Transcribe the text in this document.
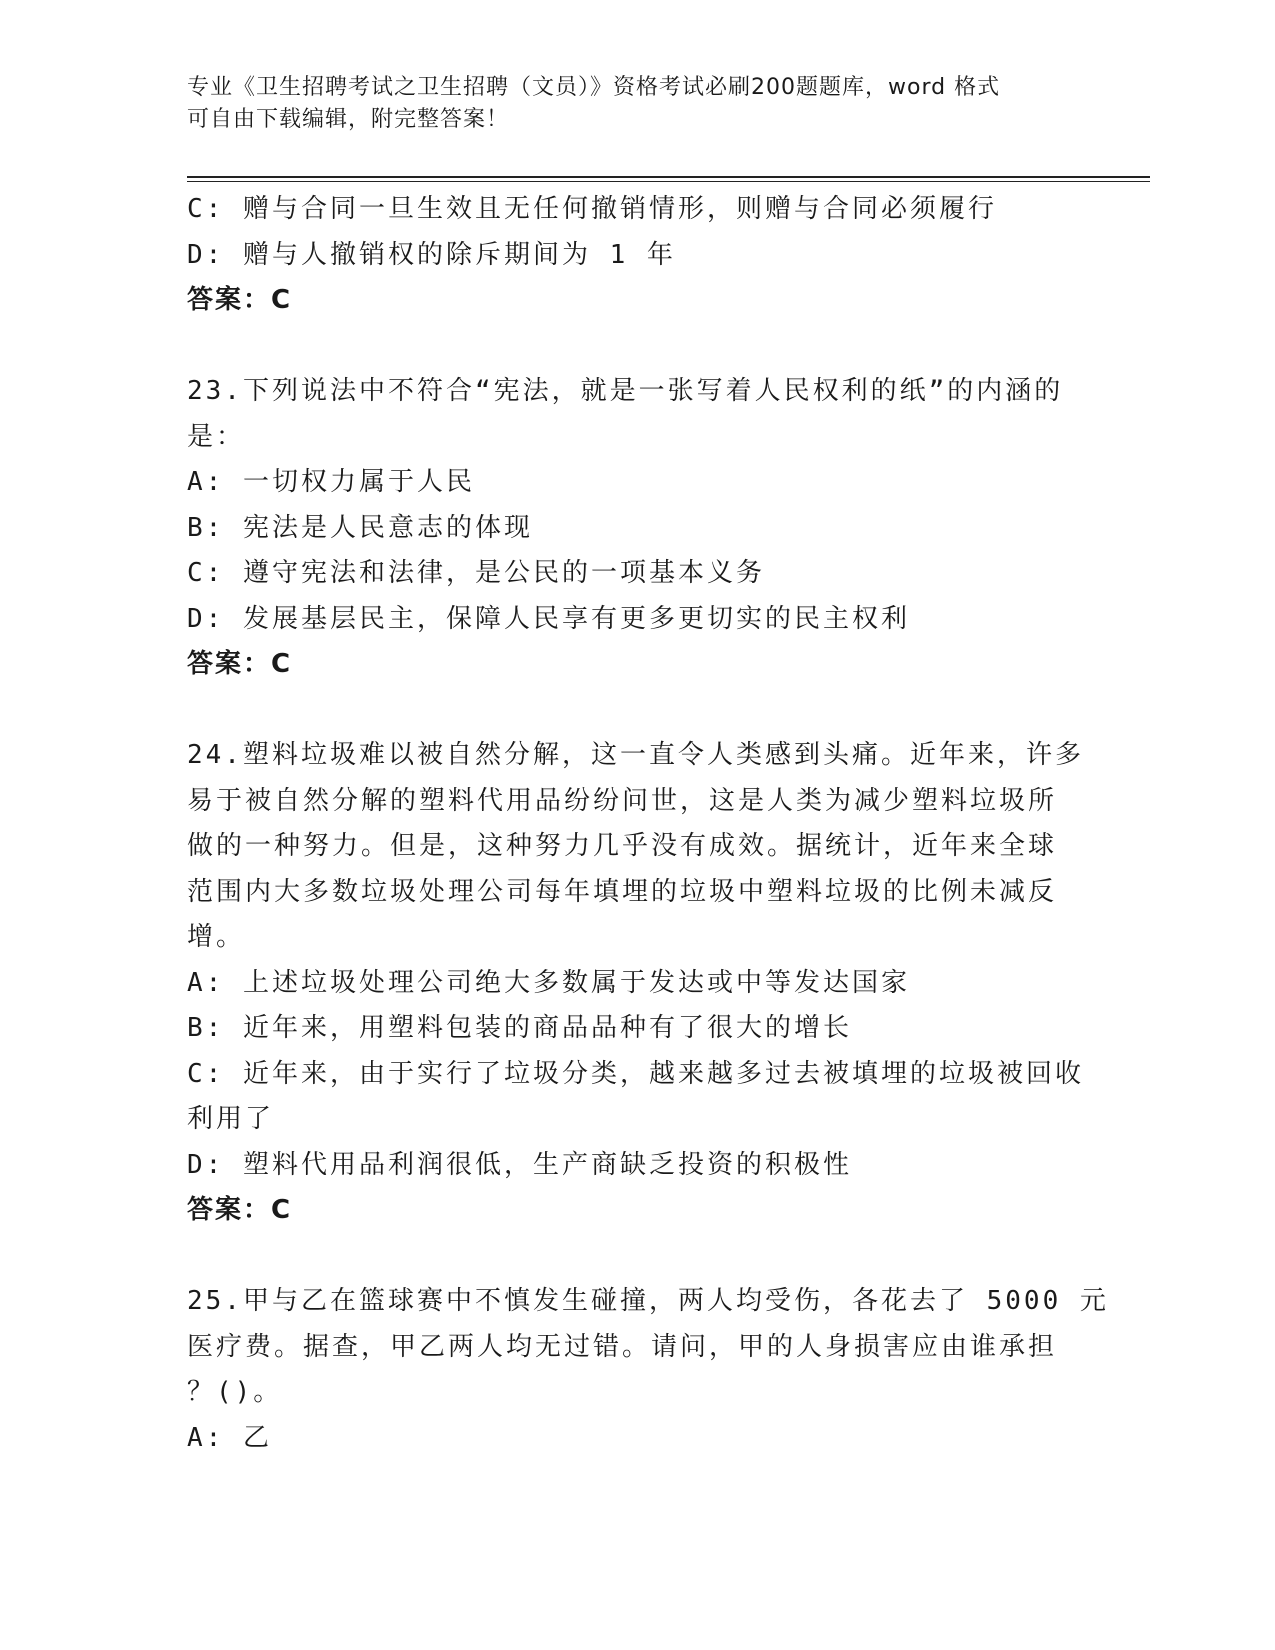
专业《卫生招聘考试之卫生招聘（文员）》资格考试必刷200题题库，word 格式
可自由下载编辑，附完整答案！
C: 赠与合同一旦生效且无任何撤销情形，则赠与合同必须履行
D: 赠与人撤销权的除斥期间为 1 年
答案：C
23.下列说法中不符合“宪法，就是一张写着人民权利的纸”的内涵的
是：
A: 一切权力属于人民
B: 宪法是人民意志的体现
C: 遵守宪法和法律，是公民的一项基本义务
D: 发展基层民主，保障人民享有更多更切实的民主权利
答案：C
24.塑料垃圾难以被自然分解，这一直令人类感到头痛。近年来，许多
易于被自然分解的塑料代用品纷纷问世，这是人类为减少塑料垃圾所
做的一种努力。但是，这种努力几乎没有成效。据统计，近年来全球
范围内大多数垃圾处理公司每年填埋的垃圾中塑料垃圾的比例未减反
增。
A: 上述垃圾处理公司绝大多数属于发达或中等发达国家
B: 近年来，用塑料包装的商品品种有了很大的增长
C: 近年来，由于实行了垃圾分类，越来越多过去被填埋的垃圾被回收
利用了
D: 塑料代用品利润很低，生产商缺乏投资的积极性
答案：C
25.甲与乙在篮球赛中不慎发生碰撞，两人均受伤，各花去了 5000 元
医疗费。据查，甲乙两人均无过错。请问，甲的人身损害应由谁承担
？()。
A: 乙
